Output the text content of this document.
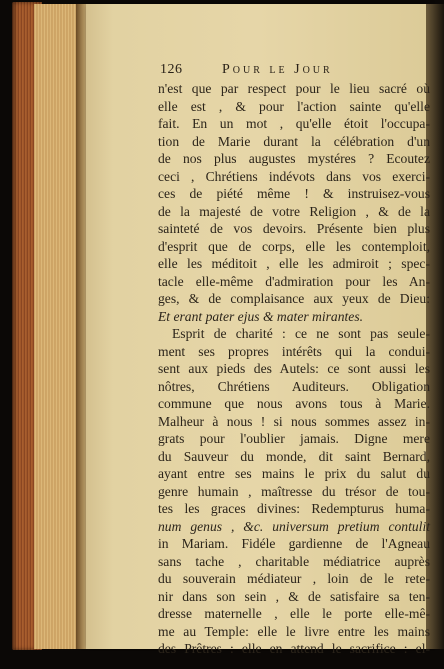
126	Pour le Jour
n'est que par respect pour le lieu sacré où
elle est , & pour l'action sainte qu'elle
fait. En un mot , qu'elle étoit l'occupa-
tion de Marie durant la célébration d'un
de nos plus augustes mystéres ? Ecoutez
ceci , Chrétiens indévots dans vos exerci-
ces de piété même ! & instruisez-vous
de la majesté de votre Religion , & de la
sainteté de vos devoirs. Présente bien plus
d'esprit que de corps, elle les contemploit,
elle les méditoit , elle les admiroit ; spec-
tacle elle-même d'admiration pour les An-
ges, & de complaisance aux yeux de Dieu:
Et erant pater ejus & mater mirantes.
Esprit de charité : ce ne sont pas seule-
ment ses propres intérêts qui la condui-
sent aux pieds des Autels: ce sont aussi les
nôtres, Chrétiens Auditeurs. Obligation
commune que nous avons tous à Marie.
Malheur à nous ! si nous sommes assez in-
grats pour l'oublier jamais. Digne mere
du Sauveur du monde, dit saint Bernard,
ayant entre ses mains le prix du salut du
genre humain , maîtresse du trésor de tou-
tes les graces divines: Redempturus huma-
num genus , &c. universum pretium contulit
in Mariam. Fidéle gardienne de l'Agneau
sans tache , charitable médiatrice auprès
du souverain médiateur , loin de le rete-
nir dans son sein , & de satisfaire sa ten-
dresse maternelle , elle le porte elle-mê-
me au Temple: elle le livre entre les mains
des Prêtres : elle en attend le sacrifice : el-
